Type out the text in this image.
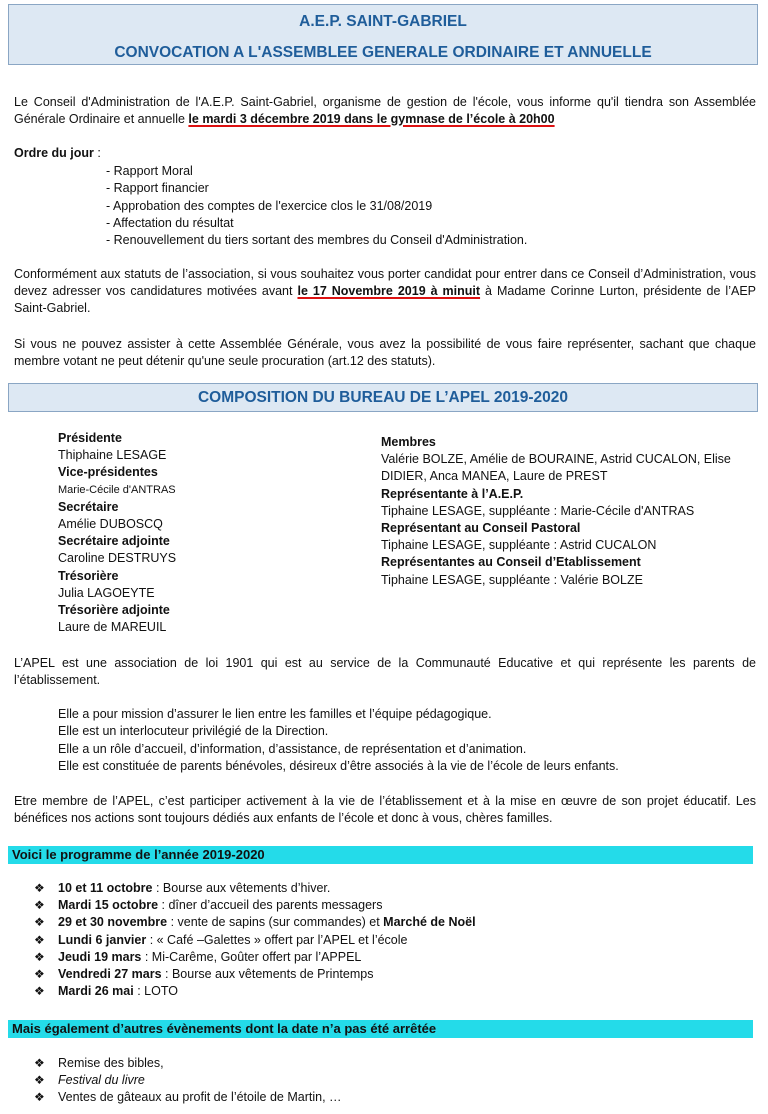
A.E.P. SAINT-GABRIEL
CONVOCATION A L'ASSEMBLEE GENERALE ORDINAIRE ET ANNUELLE

Le Conseil d'Administration de l'A.E.P. Saint-Gabriel, organisme de gestion de l'école, vous informe qu'il tiendra son Assemblée Générale Ordinaire et annuelle le mardi 3 décembre 2019 dans le gymnase de l’école à 20h00

Ordre du jour :
- Rapport Moral
- Rapport financier
- Approbation des comptes de l'exercice clos le 31/08/2019
- Affectation du résultat
- Renouvellement du tiers sortant des membres du Conseil d'Administration.

Conformément aux statuts de l’association, si vous souhaitez vous porter candidat pour entrer dans ce Conseil d’Administration, vous devez adresser vos candidatures motivées avant le 17 Novembre 2019 à minuit à Madame Corinne Lurton, présidente de l’AEP Saint-Gabriel.

Si vous ne pouvez assister à cette Assemblée Générale, vous avez la possibilité de vous faire représenter, sachant que chaque membre votant ne peut détenir qu'une seule procuration (art.12 des statuts).

COMPOSITION DU BUREAU DE L’APEL 2019-2020
Présidente
Thiphaine LESAGE
Vice-présidentes
Marie-Cécile d'ANTRAS
Secrétaire
Amélie DUBOSCQ
Secrétaire adjointe
Caroline DESTRUYS
Trésorière
Julia LAGOEYTE
Trésorière adjointe
Laure de MAREUIL
Membres
Valérie BOLZE, Amélie de BOURAINE, Astrid CUCALON, Elise DIDIER, Anca MANEA, Laure de PREST
Représentante à l’A.E.P.
Tiphaine LESAGE, suppléante : Marie-Cécile d'ANTRAS
Représentant au Conseil Pastoral
Tiphaine LESAGE, suppléante : Astrid CUCALON
Représentantes au Conseil d’Etablissement
Tiphaine LESAGE, suppléante : Valérie BOLZE

L’APEL est une association de loi 1901 qui est au service de la Communauté Educative et qui représente les parents de l’établissement.

Elle a pour mission d’assurer le lien entre les familles et l’équipe pédagogique.
Elle est un interlocuteur privilégié de la Direction.
Elle a un rôle d’accueil, d’information, d’assistance, de représentation et d’animation.
Elle est constituée de parents bénévoles, désireux d’être associés à la vie de l’école de leurs enfants.

Etre membre de l’APEL, c’est participer activement à la vie de l’établissement et à la mise en œuvre de son projet éducatif. Les bénéfices nos actions sont toujours dédiés aux enfants de l’école et donc à vous, chères familles.

Voici le programme de l’année 2019-2020
❖ 10 et 11 octobre : Bourse aux vêtements d’hiver.
❖ Mardi 15 octobre : dîner d’accueil des parents messagers
❖ 29 et 30 novembre : vente de sapins (sur commandes) et Marché de Noël
❖ Lundi 6 janvier : « Café –Galettes » offert par l’APEL et l’école
❖ Jeudi 19 mars : Mi-Carême, Goûter offert par l’APPEL
❖ Vendredi 27 mars : Bourse aux vêtements de Printemps
❖ Mardi 26 mai : LOTO
Mais également d’autres évènements dont la date n’a pas été arrêtée
❖ Remise des bibles,
❖ Festival du livre
❖ Ventes de gâteaux au profit de l’étoile de Martin, …
